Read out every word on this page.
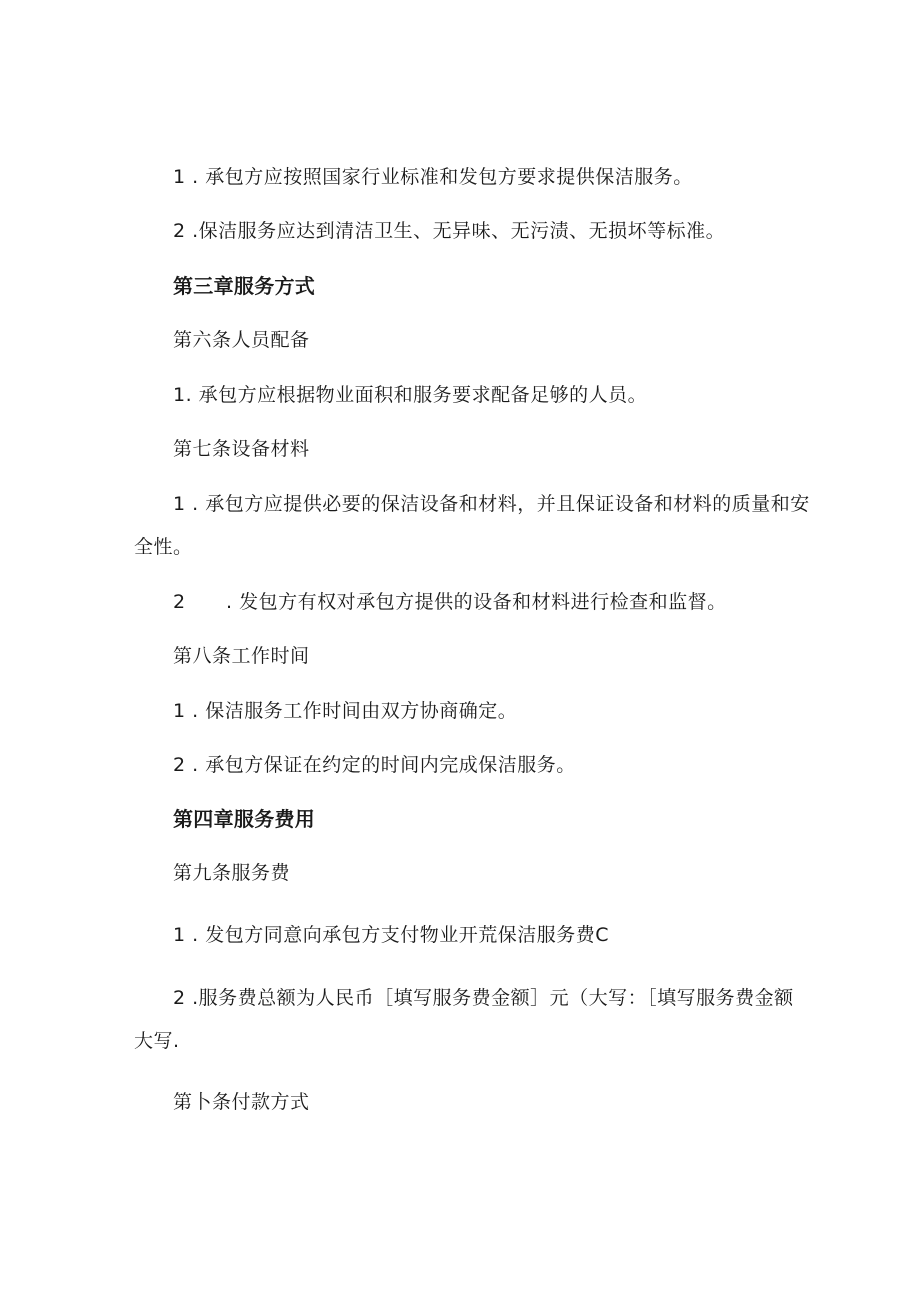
1 . 承包方应按照国家行业标准和发包方要求提供保洁服务。
2 .保洁服务应达到清洁卫生、无异味、无污渍、无损坏等标准。
第三章服务方式
第六条人员配备
1. 承包方应根据物业面积和服务要求配备足够的人员。
第七条设备材料
1 . 承包方应提供必要的保洁设备和材料，并且保证设备和材料的质量和安
全性。
2 . 发包方有权对承包方提供的设备和材料进行检查和监督。
第八条工作时间
1 . 保洁服务工作时间由双方协商确定。
2 . 承包方保证在约定的时间内完成保洁服务。
第四章服务费用
第九条服务费
1 . 发包方同意向承包方支付物业开荒保洁服务费C
2 .服务费总额为人民币［填写服务费金额］元（大写：［填写服务费金额
大写.
第卜条付款方式
